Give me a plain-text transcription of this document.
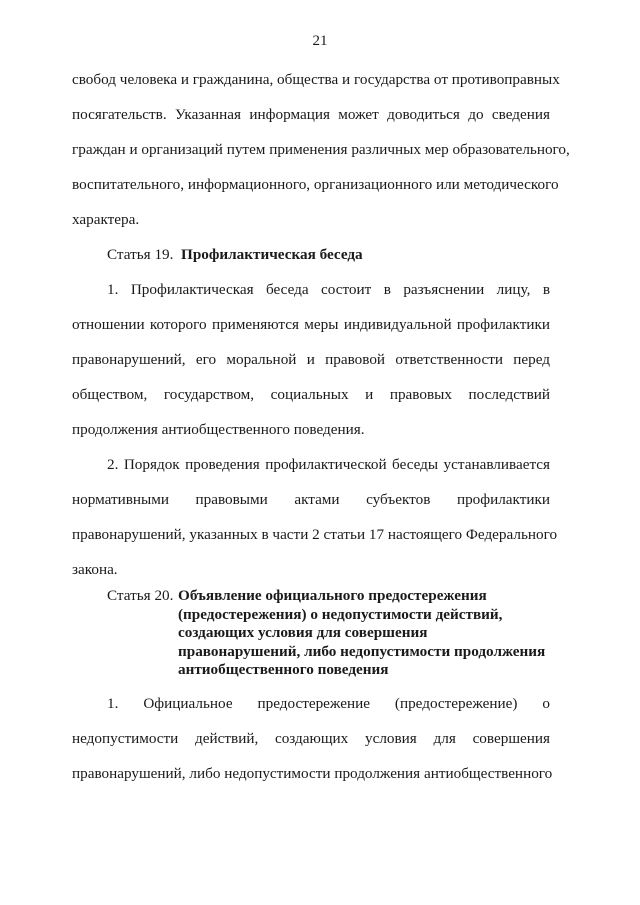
21
свобод человека и гражданина, общества и государства от противоправных
посягательств. Указанная информация может доводиться до сведения
граждан и организаций путем применения различных мер образовательного,
воспитательного, информационного, организационного или методического
характера.
Статья 19. Профилактическая беседа
1. Профилактическая беседа состоит в разъяснении лицу, в
отношении которого применяются меры индивидуальной профилактики
правонарушений, его моральной и правовой ответственности перед
обществом, государством, социальных и правовых последствий
продолжения антиобщественного поведения.
2. Порядок проведения профилактической беседы устанавливается
нормативными правовыми актами субъектов профилактики
правонарушений, указанных в части 2 статьи 17 настоящего Федерального
закона.
Статья 20. Объявление официального предостережения
(предостережения) о недопустимости действий,
создающих условия для совершения
правонарушений, либо недопустимости продолжения
антиобщественного поведения
1. Официальное предостережение (предостережение) о
недопустимости действий, создающих условия для совершения
правонарушений, либо недопустимости продолжения антиобщественного
